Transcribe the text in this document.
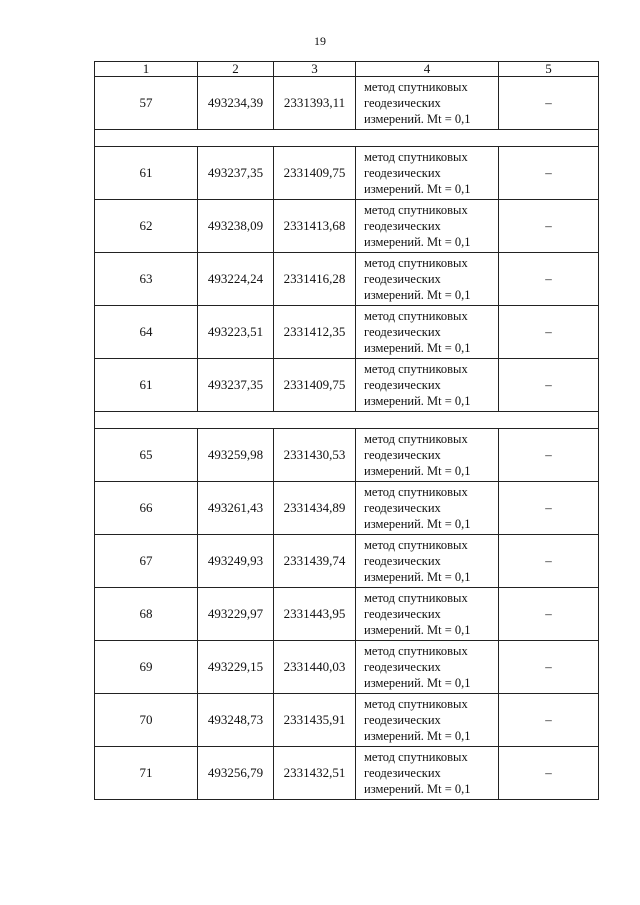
19
1	2	3	4	5
57	493234,39	2331393,11	метод спутниковых
геодезических
измерений. Mt = 0,1	–

61	493237,35	2331409,75	метод спутниковых
геодезических
измерений. Mt = 0,1	–
62	493238,09	2331413,68	метод спутниковых
геодезических
измерений. Mt = 0,1	–
63	493224,24	2331416,28	метод спутниковых
геодезических
измерений. Mt = 0,1	–
64	493223,51	2331412,35	метод спутниковых
геодезических
измерений. Mt = 0,1	–
61	493237,35	2331409,75	метод спутниковых
геодезических
измерений. Mt = 0,1	–

65	493259,98	2331430,53	метод спутниковых
геодезических
измерений. Mt = 0,1	–
66	493261,43	2331434,89	метод спутниковых
геодезических
измерений. Mt = 0,1	–
67	493249,93	2331439,74	метод спутниковых
геодезических
измерений. Mt = 0,1	–
68	493229,97	2331443,95	метод спутниковых
геодезических
измерений. Mt = 0,1	–
69	493229,15	2331440,03	метод спутниковых
геодезических
измерений. Mt = 0,1	–
70	493248,73	2331435,91	метод спутниковых
геодезических
измерений. Mt = 0,1	–
71	493256,79	2331432,51	метод спутниковых
геодезических
измерений. Mt = 0,1	–
